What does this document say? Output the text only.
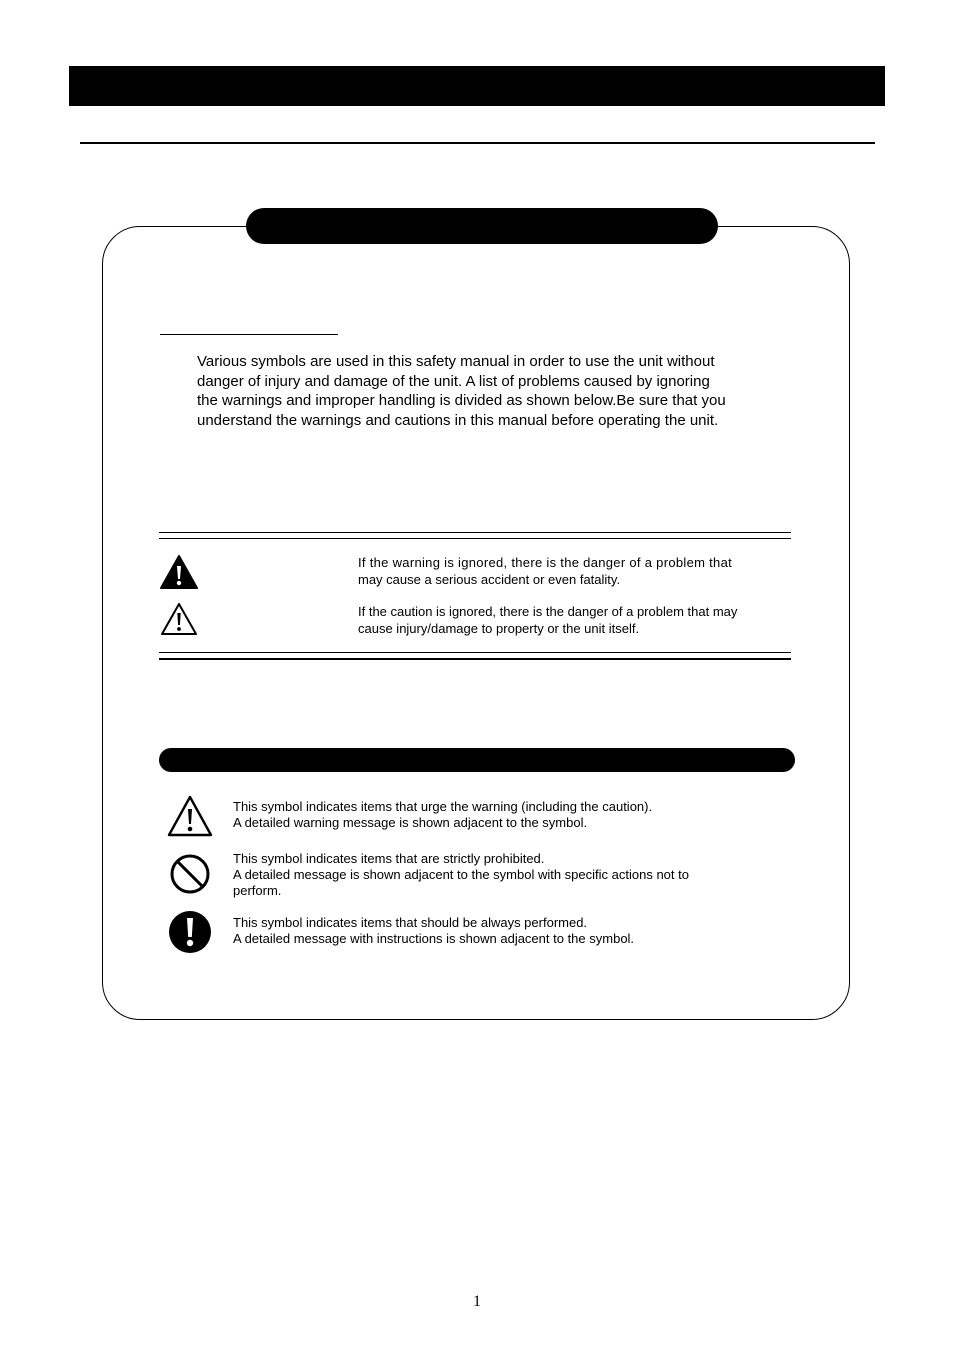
Various symbols are used in this safety manual in order to use the unit without
danger of injury and damage of the unit. A list of problems caused by ignoring
the warnings and improper handling is divided as shown below.Be sure that you
understand the warnings and cautions in this manual before operating the unit.

If the warning is ignored, there is the danger of a problem that
may cause a serious accident or even fatality.

If the caution is ignored, there is the danger of a problem that may
cause injury/damage to property or the unit itself.

This symbol indicates items that urge the warning (including the caution).
A detailed warning message is shown adjacent to the symbol.

This symbol indicates items that are strictly prohibited.
A detailed message is shown adjacent to the symbol with specific actions not to
perform.

This symbol indicates items that should be always performed.
A detailed message with instructions is shown adjacent to the symbol.

1
